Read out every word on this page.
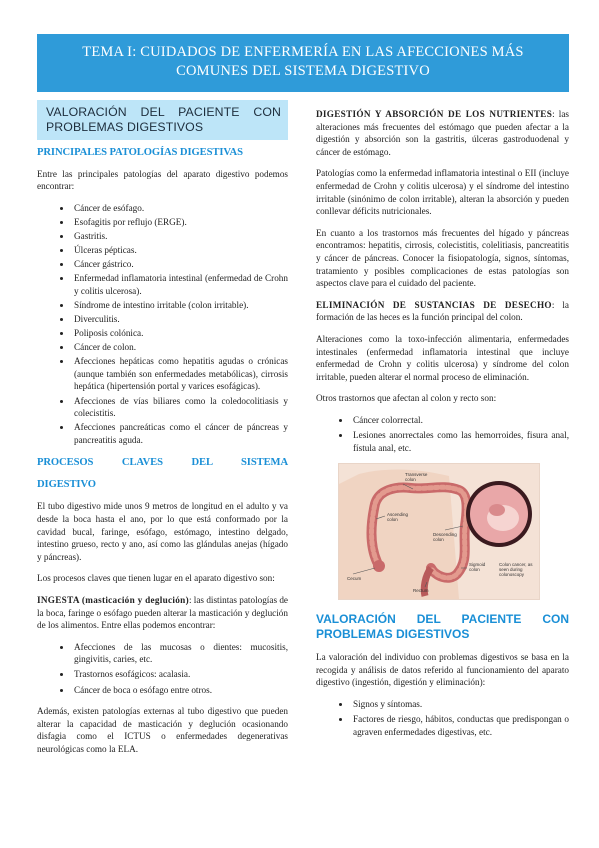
TEMA I: CUIDADOS DE ENFERMERÍA EN LAS AFECCIONES MÁS
COMUNES DEL SISTEMA DIGESTIVO
VALORACIÓN DEL PACIENTE CON
PROBLEMAS DIGESTIVOS
PRINCIPALES PATOLOGÍAS DIGESTIVAS

Entre las principales patologías del aparato digestivo podemos encontrar:

• Cáncer de esófago.
• Esofagitis por reflujo (ERGE).
• Gastritis.
• Úlceras pépticas.
• Cáncer gástrico.
• Enfermedad inflamatoria intestinal (enfermedad de Crohn y colitis ulcerosa).
• Síndrome de intestino irritable (colon irritable).
• Diverculitis.
• Poliposis colónica.
• Cáncer de colon.
• Afecciones hepáticas como hepatitis agudas o crónicas (aunque también son enfermedades metabólicas), cirrosis hepática (hipertensión portal y varices esofágicas).
• Afecciones de vías biliares como la coledocolitiasis y colecistitis.
• Afecciones pancreáticas como el cáncer de páncreas y pancreatitis aguda.
PROCESOS CLAVES DEL SISTEMA
DIGESTIVO

El tubo digestivo mide unos 9 metros de longitud en el adulto y va desde la boca hasta el ano, por lo que está conformado por la cavidad bucal, faringe, esófago, estómago, intestino delgado, intestino grueso, recto y ano, así como las glándulas anejas (hígado y páncreas).

Los procesos claves que tienen lugar en el aparato digestivo son:

INGESTA (masticación y deglución): las distintas patologías de la boca, faringe o esófago pueden alterar la masticación y deglución de los alimentos. Entre ellas podemos encontrar:

• Afecciones de las mucosas o dientes: mucositis, gingivitis, caries, etc.
• Trastornos esofágicos: acalasia.
• Cáncer de boca o esófago entre otros.

Además, existen patologías externas al tubo digestivo que pueden alterar la capacidad de masticación y deglución ocasionando disfagia como el ICTUS o enfermedades degenerativas neurológicas como la ELA.

DIGESTIÓN Y ABSORCIÓN DE LOS NUTRIENTES: las alteraciones más frecuentes del estómago que pueden afectar a la digestión y absorción son la gastritis, úlceras gastroduodenal y cáncer de estómago.

Patologías como la enfermedad inflamatoria intestinal o EII (incluye enfermedad de Crohn y colitis ulcerosa) y el síndrome del intestino irritable (sinónimo de colon irritable), alteran la absorción y pueden conllevar déficits nutricionales.

En cuanto a los trastornos más frecuentes del hígado y páncreas encontramos: hepatitis, cirrosis, colecistitis, colelitiasis, pancreatitis y cáncer de páncreas. Conocer la fisiopatología, signos, síntomas, tratamiento y posibles complicaciones de estas patologías son aspectos clave para el cuidado del paciente.

ELIMINACIÓN DE SUSTANCIAS DE DESECHO: la formación de las heces es la función principal del colon.

Alteraciones como la toxo-infección alimentaria, enfermedades intestinales (enfermedad inflamatoria intestinal que incluye enfermedad de Crohn y colitis ulcerosa) y síndrome del colon irritable, pueden alterar el normal proceso de eliminación.

Otros trastornos que afectan al colon y recto son:

• Cáncer colorrectal.
• Lesiones anorrectales como las hemorroides, fisura anal, fístula anal, etc.
Transverse colon
Ascending colon
Descending colon
Cecum
Rectum
Sigmoid colon
Colon cancer, as seen during colonoscopy
VALORACIÓN DEL PACIENTE CON
PROBLEMAS DIGESTIVOS

La valoración del individuo con problemas digestivos se basa en la recogida y análisis de datos referido al funcionamiento del aparato digestivo (ingestión, digestión y eliminación):

• Signos y síntomas.
• Factores de riesgo, hábitos, conductas que predispongan o agraven enfermedades digestivas, etc.
